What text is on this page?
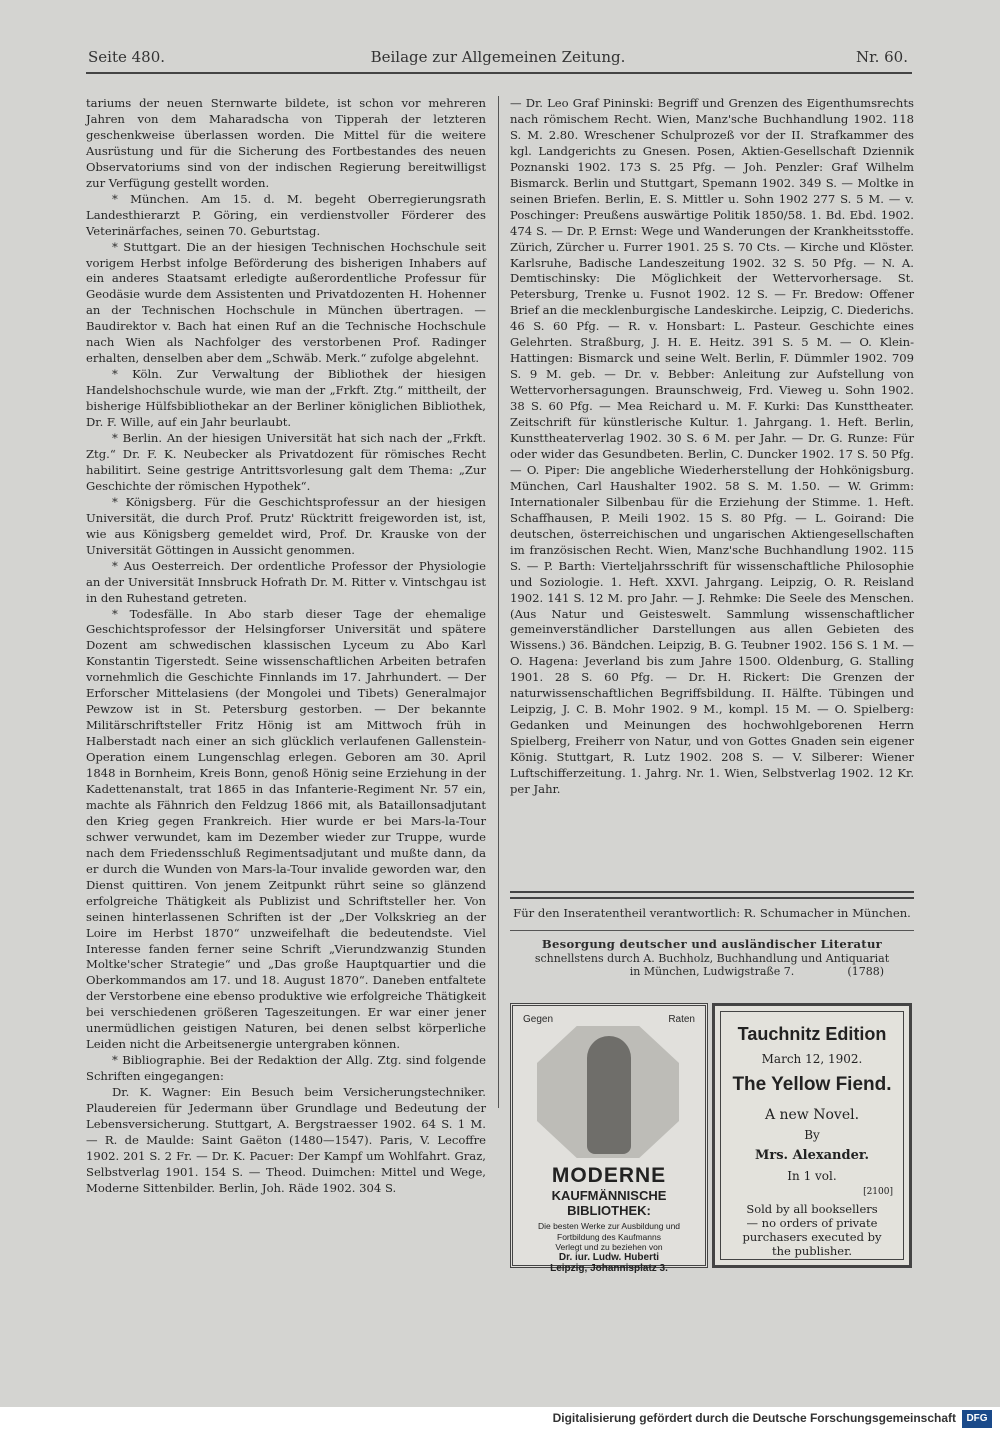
Seite 480.	Beilage zur Allgemeinen Zeitung.	Nr. 60.

tariums der neuen Sternwarte bildete, ist schon vor mehreren Jahren von dem Maharadscha von Tipperah der letzteren geschenkweise überlassen worden. Die Mittel für die weitere Ausrüstung und für die Sicherung des Fortbestandes des neuen Observatoriums sind von der indischen Regierung bereitwilligst zur Verfügung gestellt worden.

* München. Am 15. d. M. begeht Oberregierungsrath Landesthierarzt P. Göring, ein verdienstvoller Förderer des Veterinärfaches, seinen 70. Geburtstag.

* Stuttgart. Die an der hiesigen Technischen Hochschule seit vorigem Herbst infolge Beförderung des bisherigen Inhabers auf ein anderes Staatsamt erledigte außerordentliche Professur für Geodäsie wurde dem Assistenten und Privatdozenten H. Hohenner an der Technischen Hochschule in München übertragen. — Baudirektor v. Bach hat einen Ruf an die Technische Hochschule nach Wien als Nachfolger des verstorbenen Prof. Radinger erhalten, denselben aber dem „Schwäb. Merk.“ zufolge abgelehnt.

* Köln. Zur Verwaltung der Bibliothek der hiesigen Handelshochschule wurde, wie man der „Frkft. Ztg.“ mittheilt, der bisherige Hülfsbibliothekar an der Berliner königlichen Bibliothek, Dr. F. Wille, auf ein Jahr beurlaubt.

* Berlin. An der hiesigen Universität hat sich nach der „Frkft. Ztg.“ Dr. F. K. Neubecker als Privatdozent für römisches Recht habilitirt. Seine gestrige Antrittsvorlesung galt dem Thema: „Zur Geschichte der römischen Hypothek“.

* Königsberg. Für die Geschichtsprofessur an der hiesigen Universität, die durch Prof. Prutz' Rücktritt freigeworden ist, ist, wie aus Königsberg gemeldet wird, Prof. Dr. Krauske von der Universität Göttingen in Aussicht genommen.

* Aus Oesterreich. Der ordentliche Professor der Physiologie an der Universität Innsbruck Hofrath Dr. M. Ritter v. Vintschgau ist in den Ruhestand getreten.

* Todesfälle. In Abo starb dieser Tage der ehemalige Geschichtsprofessor der Helsingforser Universität und spätere Dozent am schwedischen klassischen Lyceum zu Abo Karl Konstantin Tigerstedt. Seine wissenschaftlichen Arbeiten betrafen vornehmlich die Geschichte Finnlands im 17. Jahrhundert. — Der Erforscher Mittelasiens (der Mongolei und Tibets) Generalmajor Pewzow ist in St. Petersburg gestorben. — Der bekannte Militärschriftsteller Fritz Hönig ist am Mittwoch früh in Halberstadt nach einer an sich glücklich verlaufenen Gallenstein-Operation einem Lungenschlag erlegen. Geboren am 30. April 1848 in Bornheim, Kreis Bonn, genoß Hönig seine Erziehung in der Kadettenanstalt, trat 1865 in das Infanterie-Regiment Nr. 57 ein, machte als Fähnrich den Feldzug 1866 mit, als Bataillonsadjutant den Krieg gegen Frankreich. Hier wurde er bei Mars-la-Tour schwer verwundet, kam im Dezember wieder zur Truppe, wurde nach dem Friedensschluß Regimentsadjutant und mußte dann, da er durch die Wunden von Mars-la-Tour invalide geworden war, den Dienst quittiren. Von jenem Zeitpunkt rührt seine so glänzend erfolgreiche Thätigkeit als Publizist und Schriftsteller her. Von seinen hinterlassenen Schriften ist der „Der Volkskrieg an der Loire im Herbst 1870“ unzweifelhaft die bedeutendste. Viel Interesse fanden ferner seine Schrift „Vierundzwanzig Stunden Moltke'scher Strategie“ und „Das große Hauptquartier und die Oberkommandos am 17. und 18. August 1870“. Daneben entfaltete der Verstorbene eine ebenso produktive wie erfolgreiche Thätigkeit bei verschiedenen größeren Tageszeitungen. Er war einer jener unermüdlichen geistigen Naturen, bei denen selbst körperliche Leiden nicht die Arbeitsenergie untergraben können.

* Bibliographie. Bei der Redaktion der Allg. Ztg. sind folgende Schriften eingegangen:

Dr. K. Wagner: Ein Besuch beim Versicherungstechniker. Plaudereien für Jedermann über Grundlage und Bedeutung der Lebensversicherung. Stuttgart, A. Bergstraesser 1902. 64 S. 1 M. — R. de Maulde: Saint Gaëton (1480—1547). Paris, V. Lecoffre 1902. 201 S. 2 Fr. — Dr. K. Pacuer: Der Kampf um Wohlfahrt. Graz, Selbstverlag 1901. 154 S. — Theod. Duimchen: Mittel und Wege, Moderne Sittenbilder. Berlin, Joh. Räde 1902. 304 S.

— Dr. Leo Graf Pininski: Begriff und Grenzen des Eigenthumsrechts nach römischem Recht. Wien, Manz'sche Buchhandlung 1902. 118 S. M. 2.80. Wreschener Schulprozeß vor der II. Strafkammer des kgl. Landgerichts zu Gnesen. Posen, Aktien-Gesellschaft Dziennik Poznanski 1902. 173 S. 25 Pfg. — Joh. Penzler: Graf Wilhelm Bismarck. Berlin und Stuttgart, Spemann 1902. 349 S. — Moltke in seinen Briefen. Berlin, E. S. Mittler u. Sohn 1902 277 S. 5 M. — v. Poschinger: Preußens auswärtige Politik 1850/58. 1. Bd. Ebd. 1902. 474 S. — Dr. P. Ernst: Wege und Wanderungen der Krankheitsstoffe. Zürich, Zürcher u. Furrer 1901. 25 S. 70 Cts. — Kirche und Klöster. Karlsruhe, Badische Landeszeitung 1902. 32 S. 50 Pfg. — N. A. Demtischinsky: Die Möglichkeit der Wettervorhersage. St. Petersburg, Trenke u. Fusnot 1902. 12 S. — Fr. Bredow: Offener Brief an die mecklenburgische Landeskirche. Leipzig, C. Diederichs. 46 S. 60 Pfg. — R. v. Honsbart: L. Pasteur. Geschichte eines Gelehrten. Straßburg, J. H. E. Heitz. 391 S. 5 M. — O. Klein-Hattingen: Bismarck und seine Welt. Berlin, F. Dümmler 1902. 709 S. 9 M. geb. — Dr. v. Bebber: Anleitung zur Aufstellung von Wettervorhersagungen. Braunschweig, Frd. Vieweg u. Sohn 1902. 38 S. 60 Pfg. — Mea Reichard u. M. F. Kurki: Das Kunsttheater. Zeitschrift für künstlerische Kultur. 1. Jahrgang. 1. Heft. Berlin, Kunsttheaterverlag 1902. 30 S. 6 M. per Jahr. — Dr. G. Runze: Für oder wider das Gesundbeten. Berlin, C. Duncker 1902. 17 S. 50 Pfg. — O. Piper: Die angebliche Wiederherstellung der Hohkönigsburg. München, Carl Haushalter 1902. 58 S. M. 1.50. — W. Grimm: Internationaler Silbenbau für die Erziehung der Stimme. 1. Heft. Schaffhausen, P. Meili 1902. 15 S. 80 Pfg. — L. Goirand: Die deutschen, österreichischen und ungarischen Aktiengesellschaften im französischen Recht. Wien, Manz'sche Buchhandlung 1902. 115 S. — P. Barth: Vierteljahrsschrift für wissenschaftliche Philosophie und Soziologie. 1. Heft. XXVI. Jahrgang. Leipzig, O. R. Reisland 1902. 141 S. 12 M. pro Jahr. — J. Rehmke: Die Seele des Menschen. (Aus Natur und Geisteswelt. Sammlung wissenschaftlicher gemeinverständlicher Darstellungen aus allen Gebieten des Wissens.) 36. Bändchen. Leipzig, B. G. Teubner 1902. 156 S. 1 M. — O. Hagena: Jeverland bis zum Jahre 1500. Oldenburg, G. Stalling 1901. 28 S. 60 Pfg. — Dr. H. Rickert: Die Grenzen der naturwissenschaftlichen Begriffsbildung. II. Hälfte. Tübingen und Leipzig, J. C. B. Mohr 1902. 9 M., kompl. 15 M. — O. Spielberg: Gedanken und Meinungen des hochwohlgeborenen Herrn Spielberg, Freiherr von Natur, und von Gottes Gnaden sein eigener König. Stuttgart, R. Lutz 1902. 208 S. — V. Silberer: Wiener Luftschifferzeitung. 1. Jahrg. Nr. 1. Wien, Selbstverlag 1902. 12 Kr. per Jahr.

Für den Inseratentheil verantwortlich: R. Schumacher in München.
Besorgung deutscher und ausländischer Literatur
schnellstens durch A. Buchholz, Buchhandlung und Antiquariat
in München, Ludwigstraße 7.	(1788)
Gegen	Raten
MODERNE
KAUFMÄNNISCHE
BIBLIOTHEK:
Die besten Werke zur Ausbildung und Fortbildung des Kaufmanns
Verlegt und zu beziehen von
Dr. iur. Ludw. Huberti
Leipzig, Johannisplatz 3.
Tauchnitz Edition
March 12, 1902.
The Yellow Fiend.
A new Novel.
By
Mrs. Alexander.
In 1 vol.
[2100]
Sold by all booksellers
— no orders of private
purchasers executed by
the publisher.
Digitalisierung gefördert durch die Deutsche Forschungsgemeinschaft	DFG
